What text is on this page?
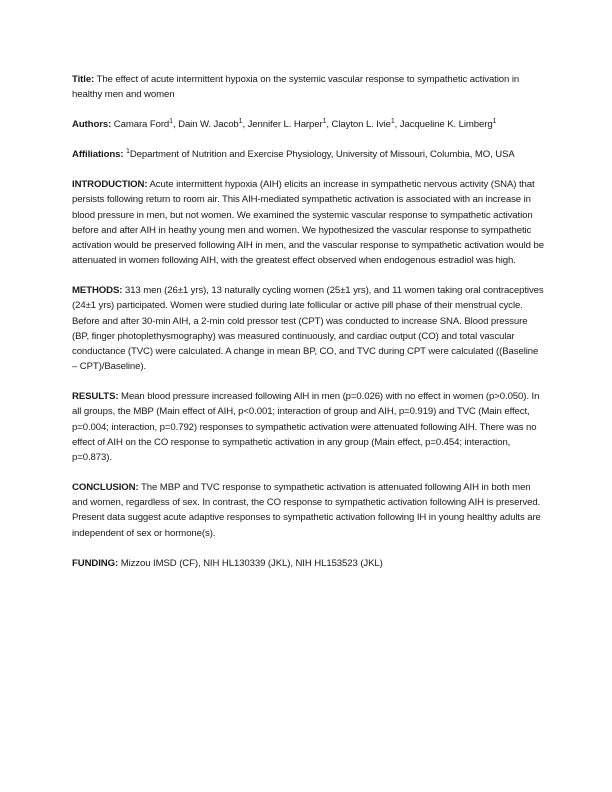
Title: The effect of acute intermittent hypoxia on the systemic vascular response to sympathetic activation in healthy men and women

Authors: Camara Ford$^1$, Dain W. Jacob$^1$, Jennifer L. Harper$^1$, Clayton L. Ivie$^1$, Jacqueline K. Limberg$^1$

Affiliations: $^1$Department of Nutrition and Exercise Physiology, University of Missouri, Columbia, MO, USA

INTRODUCTION: Acute intermittent hypoxia (AIH) elicits an increase in sympathetic nervous activity (SNA) that persists following return to room air. This AIH-mediated sympathetic activation is associated with an increase in blood pressure in men, but not women. We examined the systemic vascular response to sympathetic activation before and after AIH in heathy young men and women. We hypothesized the vascular response to sympathetic activation would be preserved following AIH in men, and the vascular response to sympathetic activation would be attenuated in women following AIH, with the greatest effect observed when endogenous estradiol was high.

METHODS: 313 men (26±1 yrs), 13 naturally cycling women (25±1 yrs), and 11 women taking oral contraceptives (24±1 yrs) participated. Women were studied during late follicular or active pill phase of their menstrual cycle. Before and after 30-min AIH, a 2-min cold pressor test (CPT) was conducted to increase SNA. Blood pressure (BP, finger photoplethysmography) was measured continuously, and cardiac output (CO) and total vascular conductance (TVC) were calculated. A change in mean BP, CO, and TVC during CPT were calculated ((Baseline – CPT)/Baseline).

RESULTS: Mean blood pressure increased following AIH in men (p=0.026) with no effect in women (p>0.050). In all groups, the MBP (Main effect of AIH, p<0.001; interaction of group and AIH, p=0.919) and TVC (Main effect, p=0.004; interaction, p=0.792) responses to sympathetic activation were attenuated following AIH. There was no effect of AIH on the CO response to sympathetic activation in any group (Main effect, p=0.454; interaction, p=0.873).

CONCLUSION: The MBP and TVC response to sympathetic activation is attenuated following AIH in both men and women, regardless of sex. In contrast, the CO response to sympathetic activation following AIH is preserved. Present data suggest acute adaptive responses to sympathetic activation following IH in young healthy adults are independent of sex or hormone(s).

FUNDING: Mizzou IMSD (CF), NIH HL130339 (JKL), NIH HL153523 (JKL)
